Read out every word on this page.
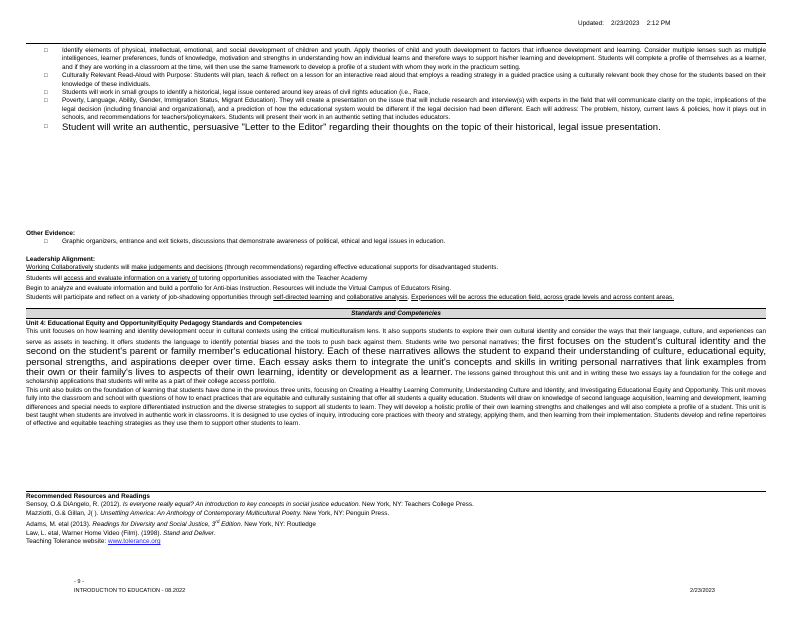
Updated: 2/23/2023 2:12 PM
□ Identify elements of physical, intellectual, emotional, and social development of children and youth. Apply theories of child and youth development to factors that influence development and learning. Consider multiple lenses such as multiple intelligences, learner preferences, funds of knowledge, motivation and strengths in understanding how an individual learns and therefore ways to support his/her learning and development. Students will complete a profile of themselves as a learner, and if they are working in a classroom at the time, will then use the same framework to develop a profile of a student with whom they work in the practicum setting.
□ Culturally Relevant Read-Aloud with Purpose: Students will plan, teach & reflect on a lesson for an interactive read aloud that employs a reading strategy in a guided practice using a culturally relevant book they chose for the students based on their knowledge of these individuals.
□ Students will work in small groups to identify a historical, legal issue centered around key areas of civil rights education (i.e., Race,
□ Poverty, Language, Ability, Gender, Immigration Status, Migrant Education). They will create a presentation on the issue that will include research and interview(s) with experts in the field that will communicate clarity on the topic, implications of the legal decision (including financial and organizational), and a prediction of how the educational system would be different if the legal decision had been different. Each will address: The problem, history, current laws & policies, how it plays out in schools, and recommendations for teachers/policymakers. Students will present their work in an authentic setting that includes educators.
□ Student will write an authentic, persuasive "Letter to the Editor" regarding their thoughts on the topic of their historical, legal issue presentation.
Other Evidence:
□ Graphic organizers, entrance and exit tickets, discussions that demonstrate awareness of political, ethical and legal issues in education.
Leadership Alignment:

Working Collaboratively students will make judgements and decisions (through recommendations) regarding effective educational supports for disadvantaged students.

Students will access and evaluate information on a variety of tutoring opportunities associated with the Teacher Academy

Begin to analyze and evaluate information and build a portfolio for Anti-bias Instruction. Resources will include the Virtual Campus of Educators Rising.

Students will participate and reflect on a variety of job-shadowing opportunities through self-directed learning and collaborative analysis. Experiences will be across the education field, across grade levels and across content areas.

Standards and Competencies
Unit 4: Educational Equity and Opportunity/Equity Pedagogy Standards and Competencies

This unit focuses on how learning and identity development occur in cultural contexts using the critical multiculturalism lens. It also supports students to explore their own cultural identity and consider the ways that their language, culture, and experiences can serve as assets in teaching. It offers students the language to identify potential biases and the tools to push back against them. Students write two personal narratives; the first focuses on the student's cultural identity and the second on the student's parent or family member's educational history. Each of these narratives allows the student to expand their understanding of culture, educational equity, personal strengths, and aspirations deeper over time. Each essay asks them to integrate the unit's concepts and skills in writing personal narratives that link examples from their own or their family's lives to aspects of their own learning, identity or development as a learner. The lessons gained throughout this unit and in writing these two essays lay a foundation for the college and scholarship applications that students will write as a part of their college access portfolio.

This unit also builds on the foundation of learning that students have done in the previous three units, focusing on Creating a Healthy Learning Community, Understanding Culture and Identity, and Investigating Educational Equity and Opportunity. This unit moves fully into the classroom and school with questions of how to enact practices that are equitable and culturally sustaining that offer all students a quality education. Students will draw on knowledge of second language acquisition, learning and development, learning differences and special needs to explore differentiated instruction and the diverse strategies to support all students to learn. They will develop a holistic profile of their own learning strengths and challenges and will also complete a profile of a student. This unit is best taught when students are involved in authentic work in classrooms. It is designed to use cycles of inquiry, introducing core practices with theory and strategy, applying them, and then learning from their implementation. Students develop and refine repertoires of effective and equitable teaching strategies as they use them to support other students to learn.

Recommended Resources and Readings

Sensoy, O.& DiAngelo, R. (2012). Is everyone really equal? An introduction to key concepts in social justice education. New York, NY: Teachers College Press.

Mazziotti, G.& Gillan, J( ). Unsettling America: An Anthology of Contemporary Multicultural Poetry. New York, NY: Penguin Press.

Adams, M. etal (2013). Readings for Diversity and Social Justice, 3rd Edition. New York, NY: Routledge

Law, L. etal, Warner Home Video (Film). (1998). Stand and Deliver.

Teaching Tolerance website: www.tolerance.org

- 9 -
INTRODUCTION TO EDUCATION - 08.2022	2/23/2023
